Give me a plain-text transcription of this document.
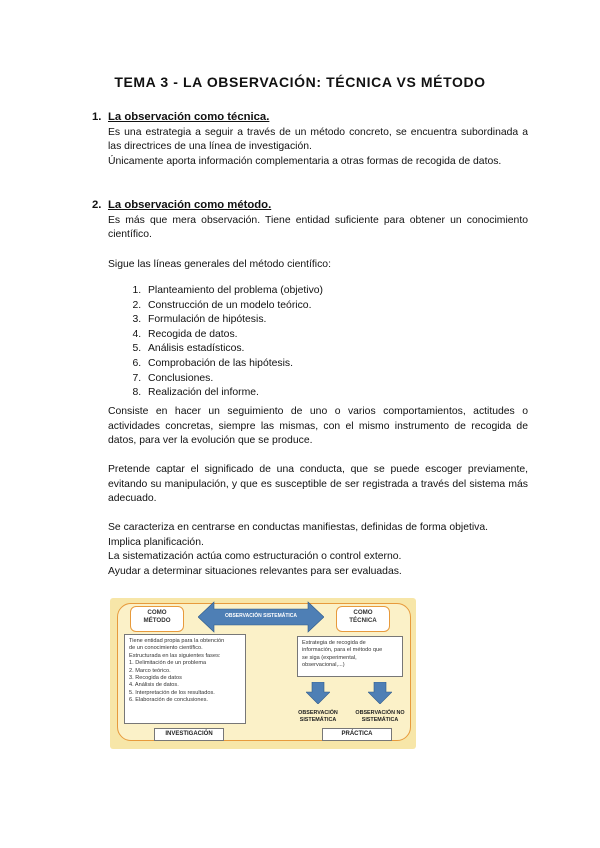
TEMA 3 - LA OBSERVACIÓN: TÉCNICA VS MÉTODO
1. La observación como técnica.

Es una estrategia a seguir a través de un método concreto, se encuentra subordinada a las directrices de una línea de investigación.

Únicamente aporta información complementaria a otras formas de recogida de datos.

2. La observación como método.

Es más que mera observación. Tiene entidad suficiente para obtener un conocimiento científico.

Sigue las líneas generales del método científico:

1. Planteamiento del problema (objetivo)
2. Construcción de un modelo teórico.
3. Formulación de hipótesis.
4. Recogida de datos.
5. Análisis estadísticos.
6. Comprobación de las hipótesis.
7. Conclusiones.
8. Realización del informe.

Consiste en hacer un seguimiento de uno o varios comportamientos, actitudes o actividades concretas, siempre las mismas, con el mismo instrumento de recogida de datos, para ver la evolución que se produce.

Pretende captar el significado de una conducta, que se puede escoger previamente, evitando su manipulación, y que es susceptible de ser registrada a través del sistema más adecuado.

Se caracteriza en centrarse en conductas manifiestas, definidas de forma objetiva.
Implica planificación.
La sistematización actúa como estructuración o control externo.
Ayudar a determinar situaciones relevantes para ser evaluadas.
COMO
MÉTODO
COMO
TÉCNICA
OBSERVACIÓN SISTEMÁTICA
Tiene entidad propia para la obtención
de un conocimiento científico.
Estructurada en las siguientes fases:
1. Delimitación de un problema
2. Marco teórico.
3. Recogida de datos
4. Análisis de datos.
5. Interpretación de los resultados.
6. Elaboración de conclusiones.
Estrategia de recogida de
información, para el método que
se siga (experimental,
observacional,...)
OBSERVACIÓN
SISTEMÁTICA
OBSERVACIÓN NO
SISTEMÁTICA
INVESTIGACIÓN	PRÁCTICA
